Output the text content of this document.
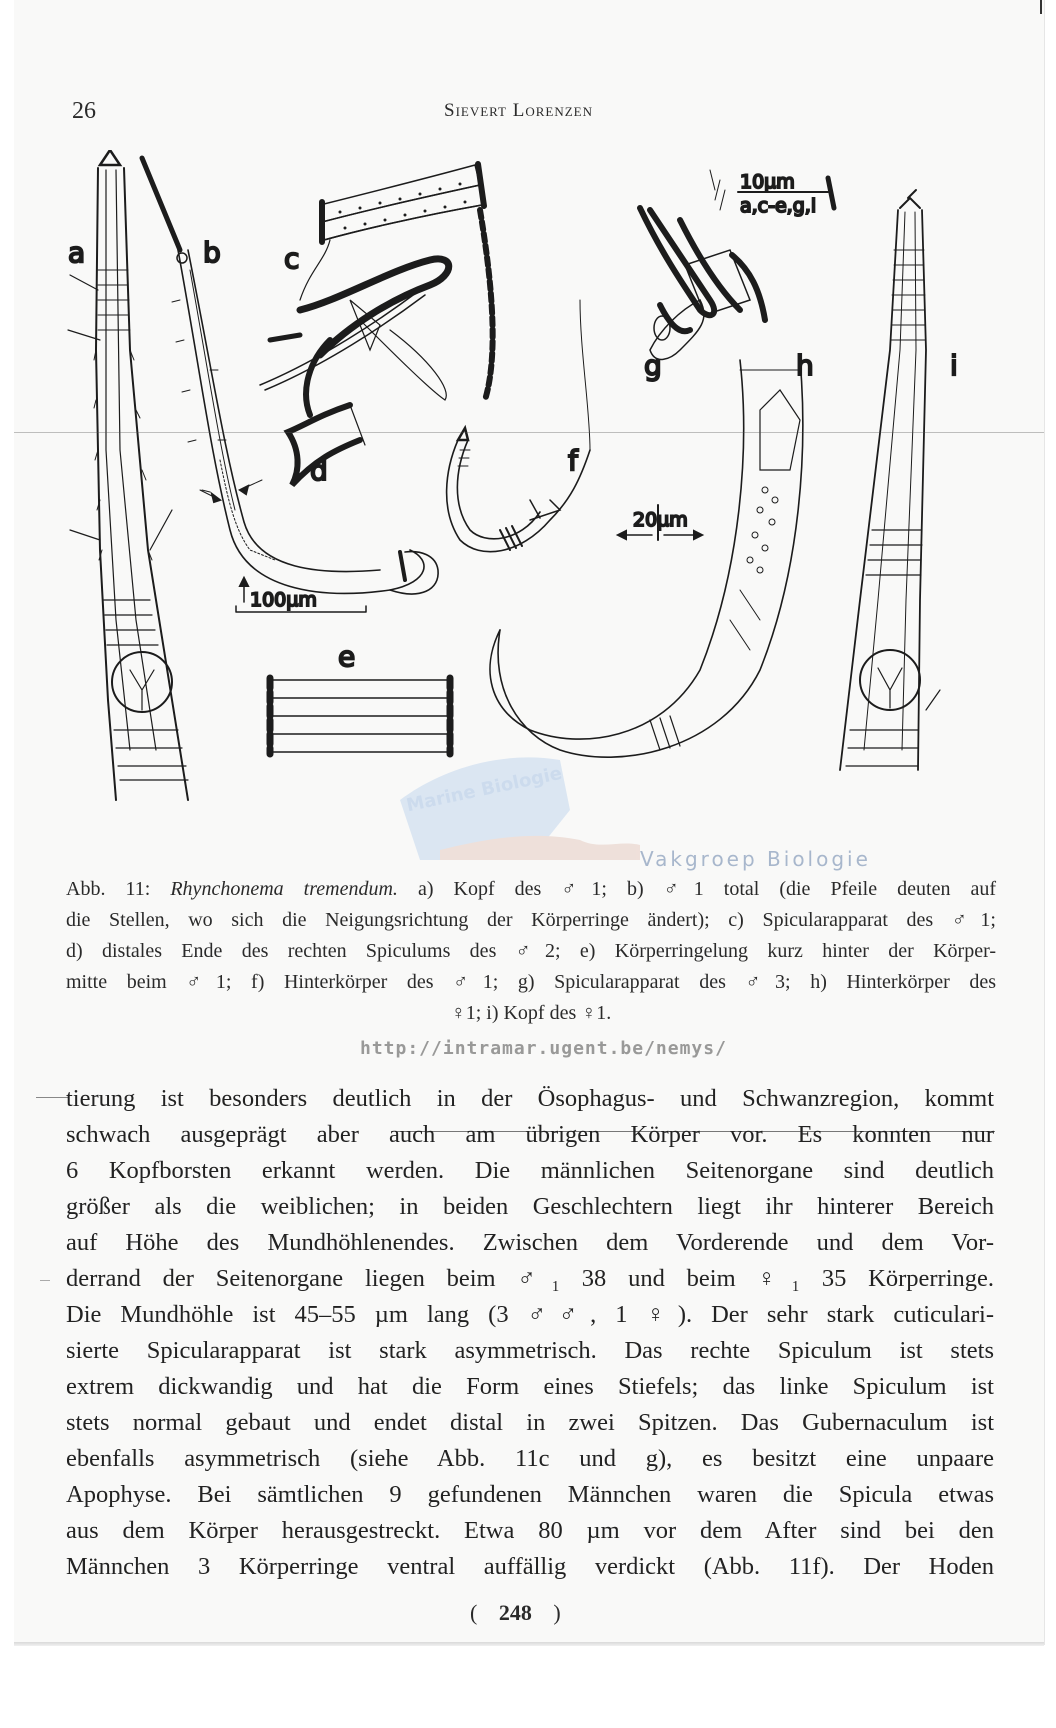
26	Sievert Lorenzen
a	b
100µm
c
d
e
f
g
10µm
a,c-e,g,i
20µm
h	i
Marine Biologie
Abb. 11: Rhynchonema tremendum. a) Kopf des ♂1; b) ♂1 total (die Pfeile deuten auf
die Stellen, wo sich die Neigungsrichtung der Körperringe ändert); c) Spicularapparat des ♂1;
d) distales Ende des rechten Spiculums des ♂2; e) Körperringelung kurz hinter der Körper-
mitte beim ♂1; f) Hinterkörper des ♂1; g) Spicularapparat des ♂3; h) Hinterkörper des
♀1; i) Kopf des ♀1.
Vakgroep Biologie
http://intramar.ugent.be/nemys/
tierung ist besonders deutlich in der Ösophagus- und Schwanzregion, kommt
schwach ausgeprägt aber auch am übrigen Körper vor. Es konnten nur
6 Kopfborsten erkannt werden. Die männlichen Seitenorgane sind deutlich
größer als die weiblichen; in beiden Geschlechtern liegt ihr hinterer Bereich
auf Höhe des Mundhöhlenendes. Zwischen dem Vorderende und dem Vor-
derrand der Seitenorgane liegen beim ♂₁ 38 und beim ♀₁ 35 Körperringe.
Die Mundhöhle ist 45–55 µm lang (3 ♂♂, 1 ♀). Der sehr stark cuticulari-
sierte Spicularapparat ist stark asymmetrisch. Das rechte Spiculum ist stets
extrem dickwandig und hat die Form eines Stiefels; das linke Spiculum ist
stets normal gebaut und endet distal in zwei Spitzen. Das Gubernaculum ist
ebenfalls asymmetrisch (siehe Abb. 11c und g), es besitzt eine unpaare
Apophyse. Bei sämtlichen 9 gefundenen Männchen waren die Spicula etwas
aus dem Körper herausgestreckt. Etwa 80 µm vor dem After sind bei den
Männchen 3 Körperringe ventral auffällig verdickt (Abb. 11f). Der Hoden
( 248 )
